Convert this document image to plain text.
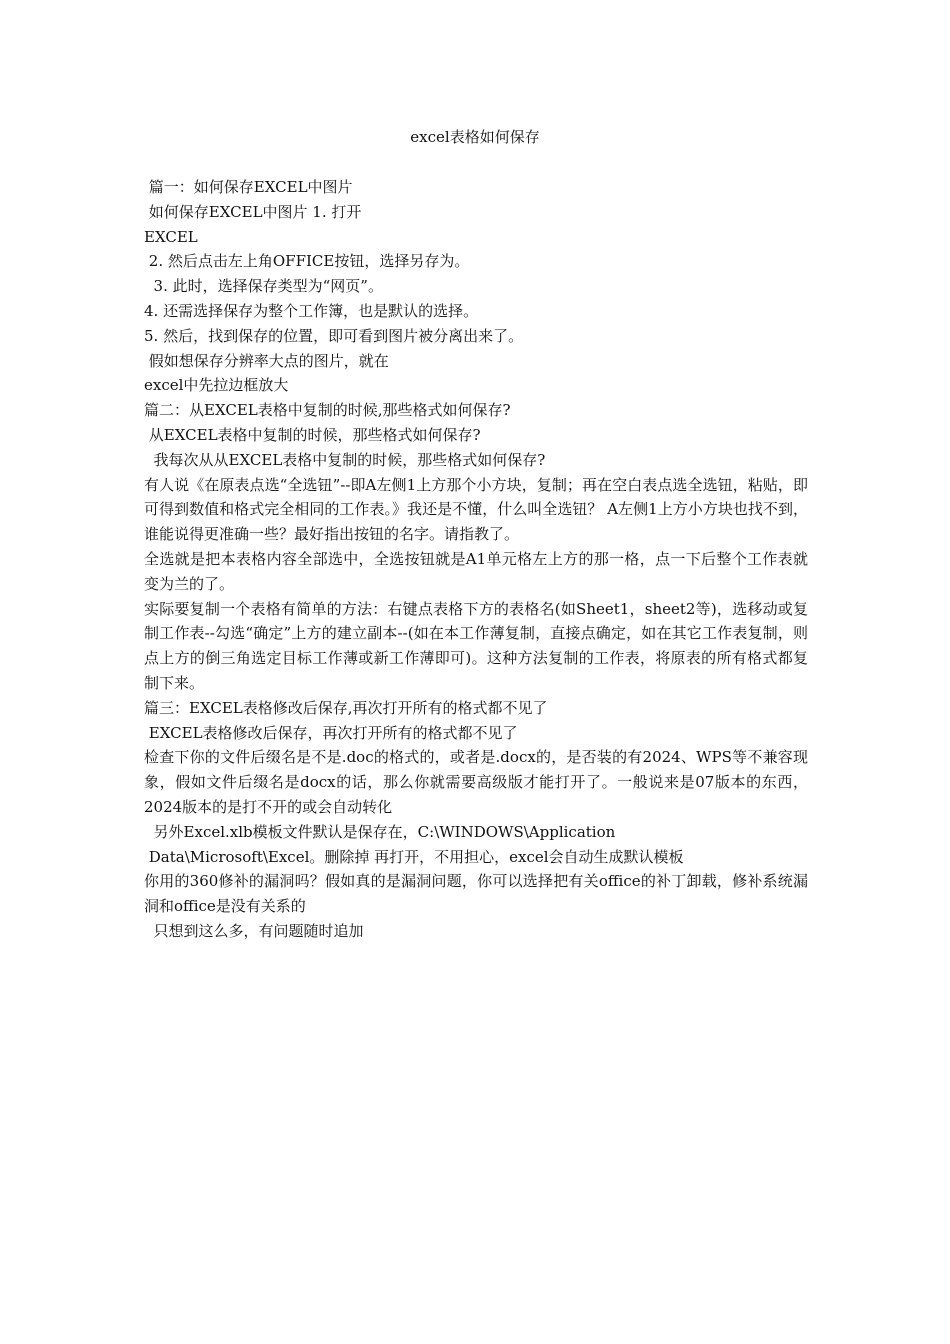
excel表格如何保存
篇一：如何保存EXCEL中图片
如何保存EXCEL中图片 1. 打开
EXCEL
2. 然后点击左上角OFFICE按钮，选择另存为。
3. 此时，选择保存类型为“网页”。
4. 还需选择保存为整个工作簿，也是默认的选择。
5. 然后，找到保存的位置，即可看到图片被分离出来了。
假如想保存分辨率大点的图片，就在
excel中先拉边框放大
篇二：从EXCEL表格中复制的时候,那些格式如何保存?
从EXCEL表格中复制的时候，那些格式如何保存?
我每次从从EXCEL表格中复制的时候，那些格式如何保存?
有人说《在原表点选“全选钮”--即A左侧1上方那个小方块，复制；再在空白表点选全选钮，粘贴，即可得到数值和格式完全相同的工作表。》我还是不懂，什么叫全选钮？ A左侧1上方小方块也找不到，谁能说得更准确一些？最好指出按钮的名字。请指教了。
全选就是把本表格内容全部选中，全选按钮就是A1单元格左上方的那一格，点一下后整个工作表就变为兰的了。
实际要复制一个表格有简单的方法：右键点表格下方的表格名(如Sheet1，sheet2等)，选移动或复制工作表--勾选“确定”上方的建立副本--(如在本工作薄复制，直接点确定，如在其它工作表复制，则点上方的倒三角选定目标工作薄或新工作薄即可)。这种方法复制的工作表，将原表的所有格式都复制下来。
篇三：EXCEL表格修改后保存,再次打开所有的格式都不见了
EXCEL表格修改后保存，再次打开所有的格式都不见了
检查下你的文件后缀名是不是.doc的格式的，或者是.docx的，是否装的有2024、WPS等不兼容现象，假如文件后缀名是docx的话，那么你就需要高级版才能打开了。一般说来是07版本的东西，2024版本的是打不开的或会自动转化
另外Excel.xlb模板文件默认是保存在，C:\WINDOWS\Application
Data\Microsoft\Excel。删除掉 再打开，不用担心，excel会自动生成默认模板
你用的360修补的漏洞吗？假如真的是漏洞问题，你可以选择把有关office的补丁卸载，修补系统漏洞和office是没有关系的
只想到这么多，有问题随时追加
